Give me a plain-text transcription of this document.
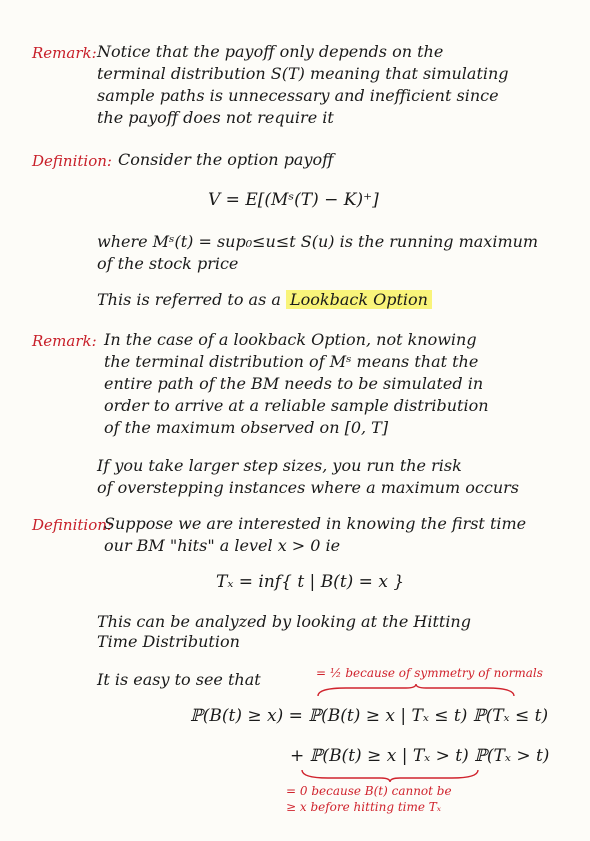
Remark: Notice that the payoff only depends on the
terminal distribution S(T) meaning that simulating
sample paths is unnecessary and inefficient since
the payoff does not require it
Definition: Consider the option payoff
V = E[(Mˢ(T) − K)⁺]
where Mˢ(t) = sup₀≤u≤t S(u) is the running maximum
of the stock price
This is referred to as a Lookback Option
Remark: In the case of a lookback Option, not knowing
the terminal distribution of Mˢ means that the
entire path of the BM needs to be simulated in
order to arrive at a reliable sample distribution
of the maximum observed on [0, T]
If you take larger step sizes, you run the risk
of overstepping instances where a maximum occurs
Definition:
Suppose we are interested in knowing the first time
our BM "hits" a level x > 0 ie
Tₓ = inf{ t | B(t) = x }
This can be analyzed by looking at the Hitting
Time Distribution
It is easy to see that	= ½ because of symmetry of normals
ℙ(B(t) ≥ x) = ℙ(B(t) ≥ x | Tₓ ≤ t) ℙ(Tₓ ≤ t)
+ ℙ(B(t) ≥ x | Tₓ > t) ℙ(Tₓ > t)
= 0 because B(t) cannot be
≥ x before hitting time Tₓ
